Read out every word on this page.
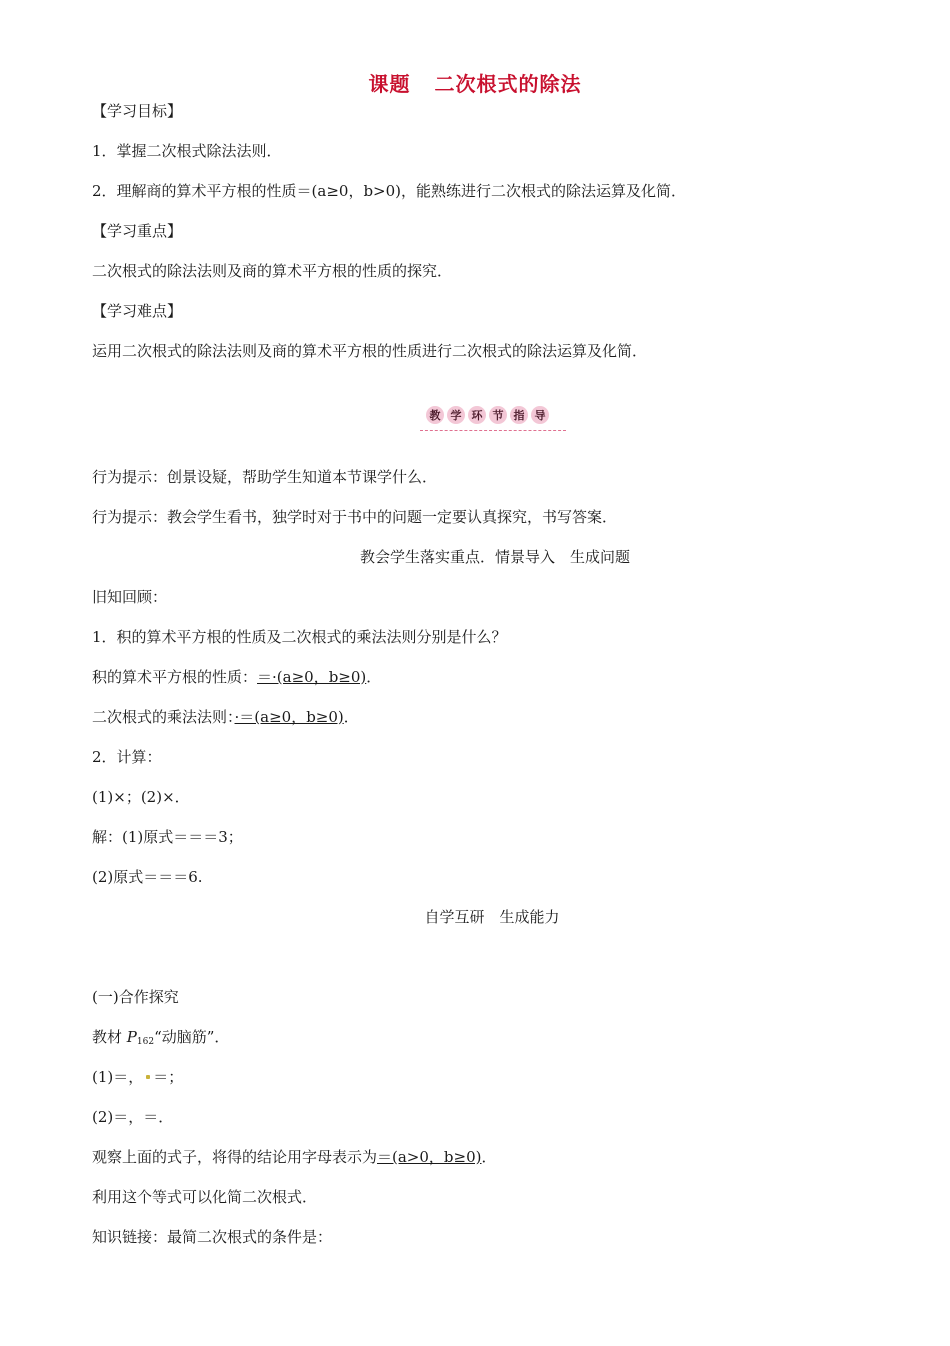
课题 二次根式的除法
【学习目标】
1．掌握二次根式除法法则．
2．理解商的算术平方根的性质＝(a≥0，b>0)，能熟练进行二次根式的除法运算及化简．
【学习重点】
二次根式的除法法则及商的算术平方根的性质的探究．
【学习难点】
运用二次根式的除法法则及商的算术平方根的性质进行二次根式的除法运算及化简．
教 学 环 节 指 导
行为提示：创景设疑，帮助学生知道本节课学什么．
行为提示：教会学生看书，独学时对于书中的问题一定要认真探究，书写答案．
教会学生落实重点．情景导入　生成问题
旧知回顾：
1．积的算术平方根的性质及二次根式的乘法法则分别是什么？
积的算术平方根的性质：＝·(a≥0，b≥0)．
二次根式的乘法法则：·＝(a≥0，b≥0)．
2．计算：
(1)×；(2)×．
解：(1)原式＝＝＝3；
(2)原式＝＝＝6.
自学互研　生成能力
(一)合作探究
教材 $P_{162}“$动脑筋”．
(1)＝， ＝；
(2)＝，＝．
观察上面的式子，将得的结论用字母表示为＝(a>0，b≥0)．
利用这个等式可以化简二次根式．
知识链接：最简二次根式的条件是：
